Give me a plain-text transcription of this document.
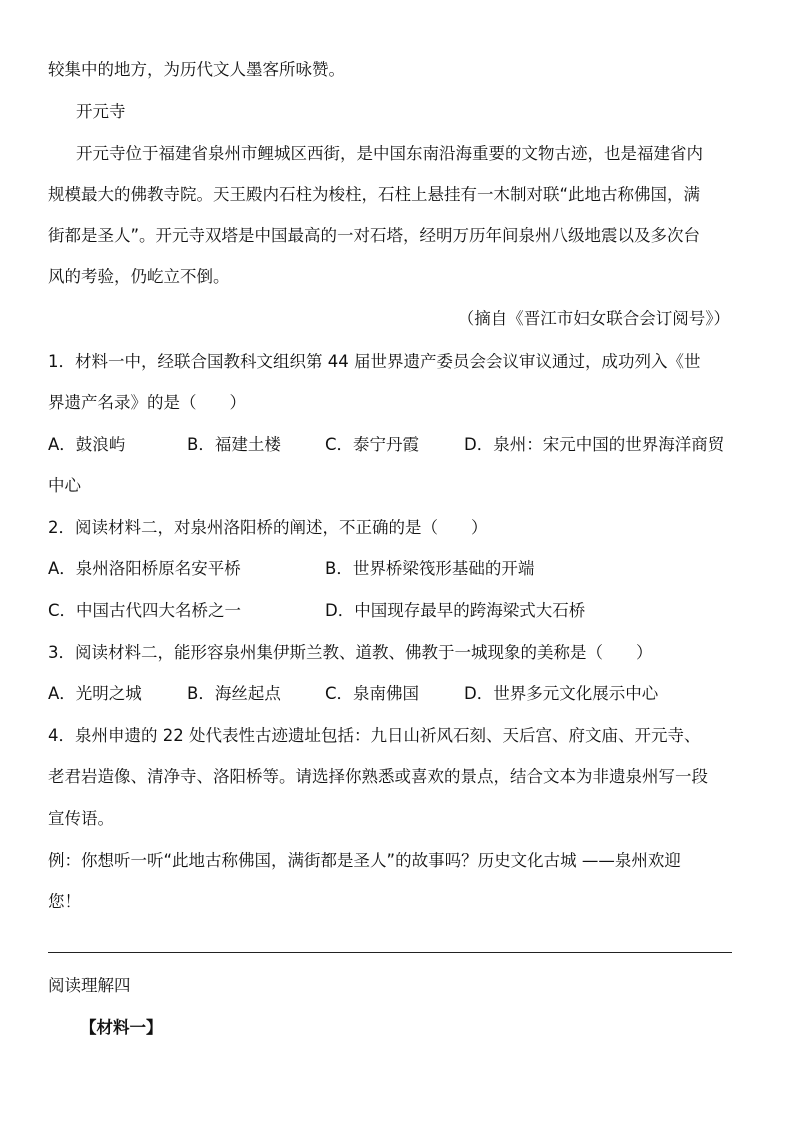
较集中的地方，为历代文人墨客所咏赞。
开元寺
开元寺位于福建省泉州市鲤城区西街，是中国东南沿海重要的文物古迹，也是福建省内
规模最大的佛教寺院。天王殿内石柱为梭柱，石柱上悬挂有一木制对联“此地古称佛国，满
街都是圣人”。开元寺双塔是中国最高的一对石塔，经明万历年间泉州八级地震以及多次台
风的考验，仍屹立不倒。
（摘自《晋江市妇女联合会订阅号》）
1．材料一中，经联合国教科文组织第 44 届世界遗产委员会会议审议通过，成功列入《世
界遗产名录》的是（　　）
A．鼓浪屿	B．福建土楼	C．泰宁丹霞	D．泉州：宋元中国的世界海洋商贸
中心
2．阅读材料二，对泉州洛阳桥的阐述，不正确的是（　　）
A．泉州洛阳桥原名安平桥	B．世界桥梁筏形基础的开端
C．中国古代四大名桥之一	D．中国现存最早的跨海梁式大石桥
3．阅读材料二，能形容泉州集伊斯兰教、道教、佛教于一城现象的美称是（　　）
A．光明之城	B．海丝起点	C．泉南佛国	D．世界多元文化展示中心
4．泉州申遗的 22 处代表性古迹遗址包括：九日山祈风石刻、天后宫、府文庙、开元寺、
老君岩造像、清净寺、洛阳桥等。请选择你熟悉或喜欢的景点，结合文本为非遗泉州写一段
宣传语。
例：你想听一听“此地古称佛国，满街都是圣人”的故事吗？历史文化古城 ——泉州欢迎
您！
阅读理解四
【材料一】
